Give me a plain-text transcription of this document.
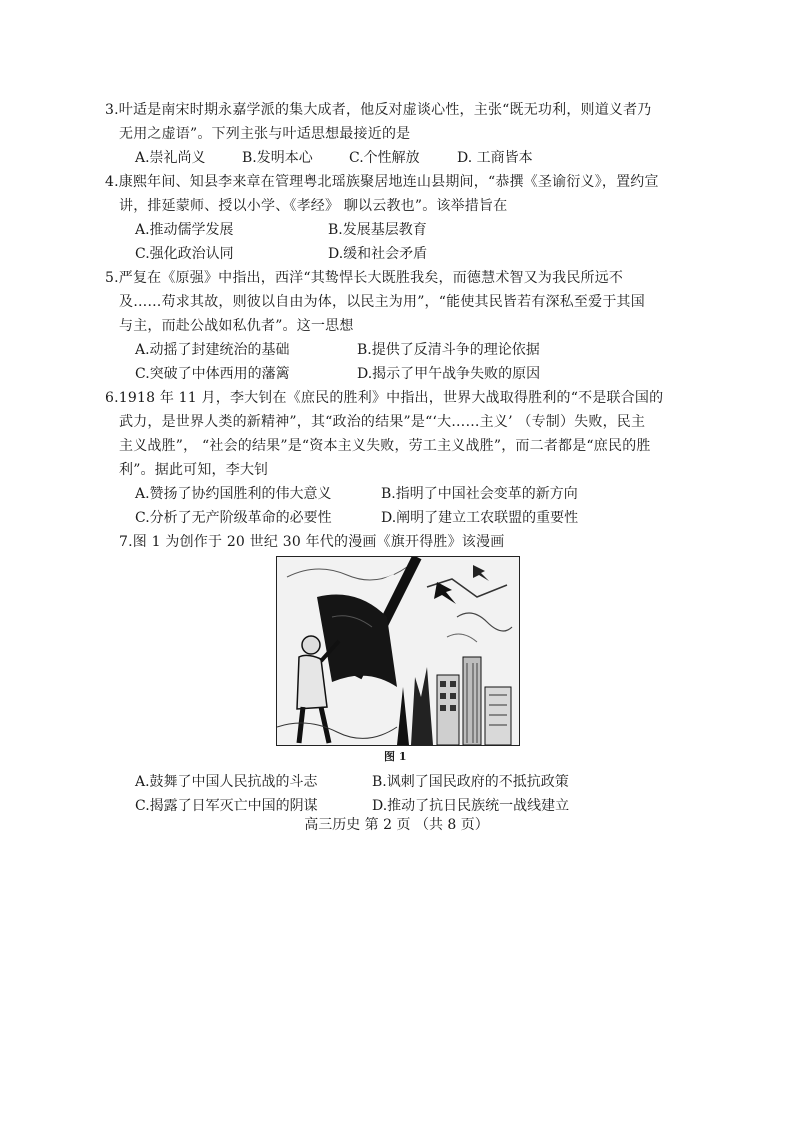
3.叶适是南宋时期永嘉学派的集大成者，他反对虚谈心性，主张“既无功利，则道义者乃
无用之虚语”。下列主张与叶适思想最接近的是
A.崇礼尚义	B.发明本心	C.个性解放	D. 工商皆本
4.康熙年间、知县李来章在管理粤北瑶族聚居地连山县期间，“恭撰《圣谕衍义》，置约宣
讲，排延蒙师、授以小学、《孝经》 聊以云教也”。该举措旨在
A.推动儒学发展	B.发展基层教育
C.强化政治认同	D.缓和社会矛盾
5.严复在《原强》中指出，西洋“其鸷悍长大既胜我矣，而德慧术智又为我民所远不
及……苟求其故，则彼以自由为体，以民主为用”，“能使其民皆若有深私至爱于其国
与主，而赴公战如私仇者”。这一思想
A.动摇了封建统治的基础	B.提供了反清斗争的理论依据
C.突破了中体西用的藩篱	D.揭示了甲午战争失败的原因
6.1918 年 11 月，李大钊在《庶民的胜利》中指出，世界大战取得胜利的“不是联合国的
武力，是世界人类的新精神”，其“政治的结果”是“‘大……主义’ （专制）失败，民主
主义战胜”， “社会的结果”是“资本主义失败，劳工主义战胜”，而二者都是“庶民的胜
利”。据此可知，李大钊
A.赞扬了协约国胜利的伟大意义	B.指明了中国社会变革的新方向
C.分析了无产阶级革命的必要性	D.阐明了建立工农联盟的重要性
7.图 1 为创作于 20 世纪 30 年代的漫画《旗开得胜》该漫画
图 1
A.鼓舞了中国人民抗战的斗志	B.讽刺了国民政府的不抵抗政策
C.揭露了日军灭亡中国的阴谋	D.推动了抗日民族统一战线建立
高三历史 第 2 页 （共 8 页）
